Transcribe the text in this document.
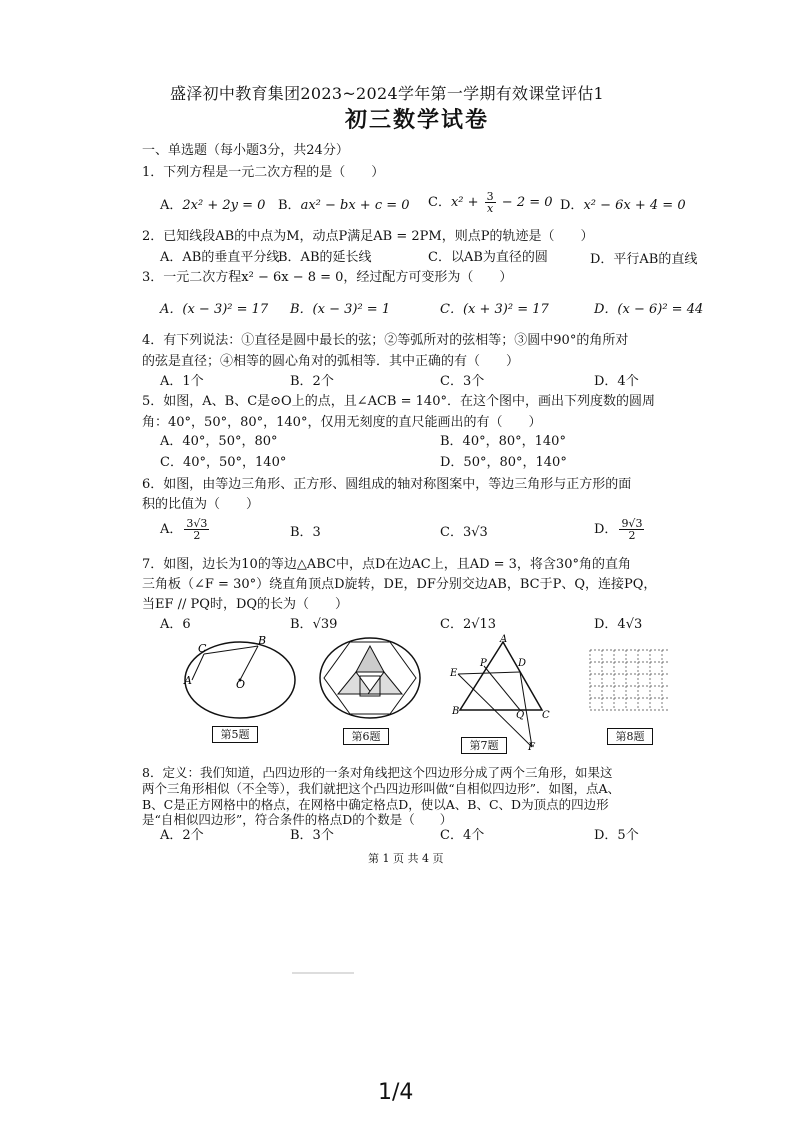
盛泽初中教育集团2023~2024学年第一学期有效课堂评估1
初三数学试卷
一、单选题（每小题3分，共24分）
1．下列方程是一元二次方程的是（　　）
A．2x² + 2y = 0 B．ax² − bx + c = 0 C．$x^2 + \frac{3}{x} - 2 = 0$ D．x² − 6x + 4 = 0
2．已知线段AB的中点为M，动点P满足AB = 2PM，则点P的轨迹是（　　）
A．AB的垂直平分线
B．AB的延长线	C．以AB为直径的圆	D．平行AB的直线
3．一元二次方程x² − 6x − 8 = 0，经过配方可变形为（　　）
A．(x − 3)² = 17 B．(x − 3)² = 1	C．(x + 3)² = 17	D．(x − 6)² = 44
4．有下列说法：①直径是圆中最长的弦；②等弧所对的弦相等；③圆中90°的角所对
的弦是直径；④相等的圆心角对的弧相等．其中正确的有（　　）
A．1个	B．2个	C．3个	D．4个
5．如图，A、B、C是⊙O上的点，且∠ACB = 140°．在这个图中，画出下列度数的圆周
角：40°，50°，80°，140°，仅用无刻度的直尺能画出的有（　　）
A．40°，50°，80°	B．40°，80°，140°
C．40°，50°，140°	D．50°，80°，140°
6．如图，由等边三角形、正方形、圆组成的轴对称图案中，等边三角形与正方形的面
积的比值为（　　）
A． $\frac{3√3}{2}$	B．3	C．3√3	D． $\frac{9√3}{2}$
7．如图，边长为10的等边△ABC中，点D在边AC上，且AD = 3，将含30°角的直角
三角板（∠F = 30°）绕直角顶点D旋转，DE，DF分别交边AB，BC于P、Q，连接PQ，
当EF // PQ时，DQ的长为（　　）
A．6	B．√39	C．2√13	D．4√3
C
B
A	O
A
P	D
E
B	Q C
F
第5题	第6题
第7题
第8题
8．定义：我们知道，凸四边形的一条对角线把这个四边形分成了两个三角形，如果这
两个三角形相似（不全等），我们就把这个凸四边形叫做“自相似四边形”．如图，点A、
B、C是正方网格中的格点，在网格中确定格点D，使以A、B、C、D为顶点的四边形
是“自相似四边形”，符合条件的格点D的个数是（　　）
A．2个	B．3个	C．4个	D．5个
第 1 页 共 4 页
1/4
